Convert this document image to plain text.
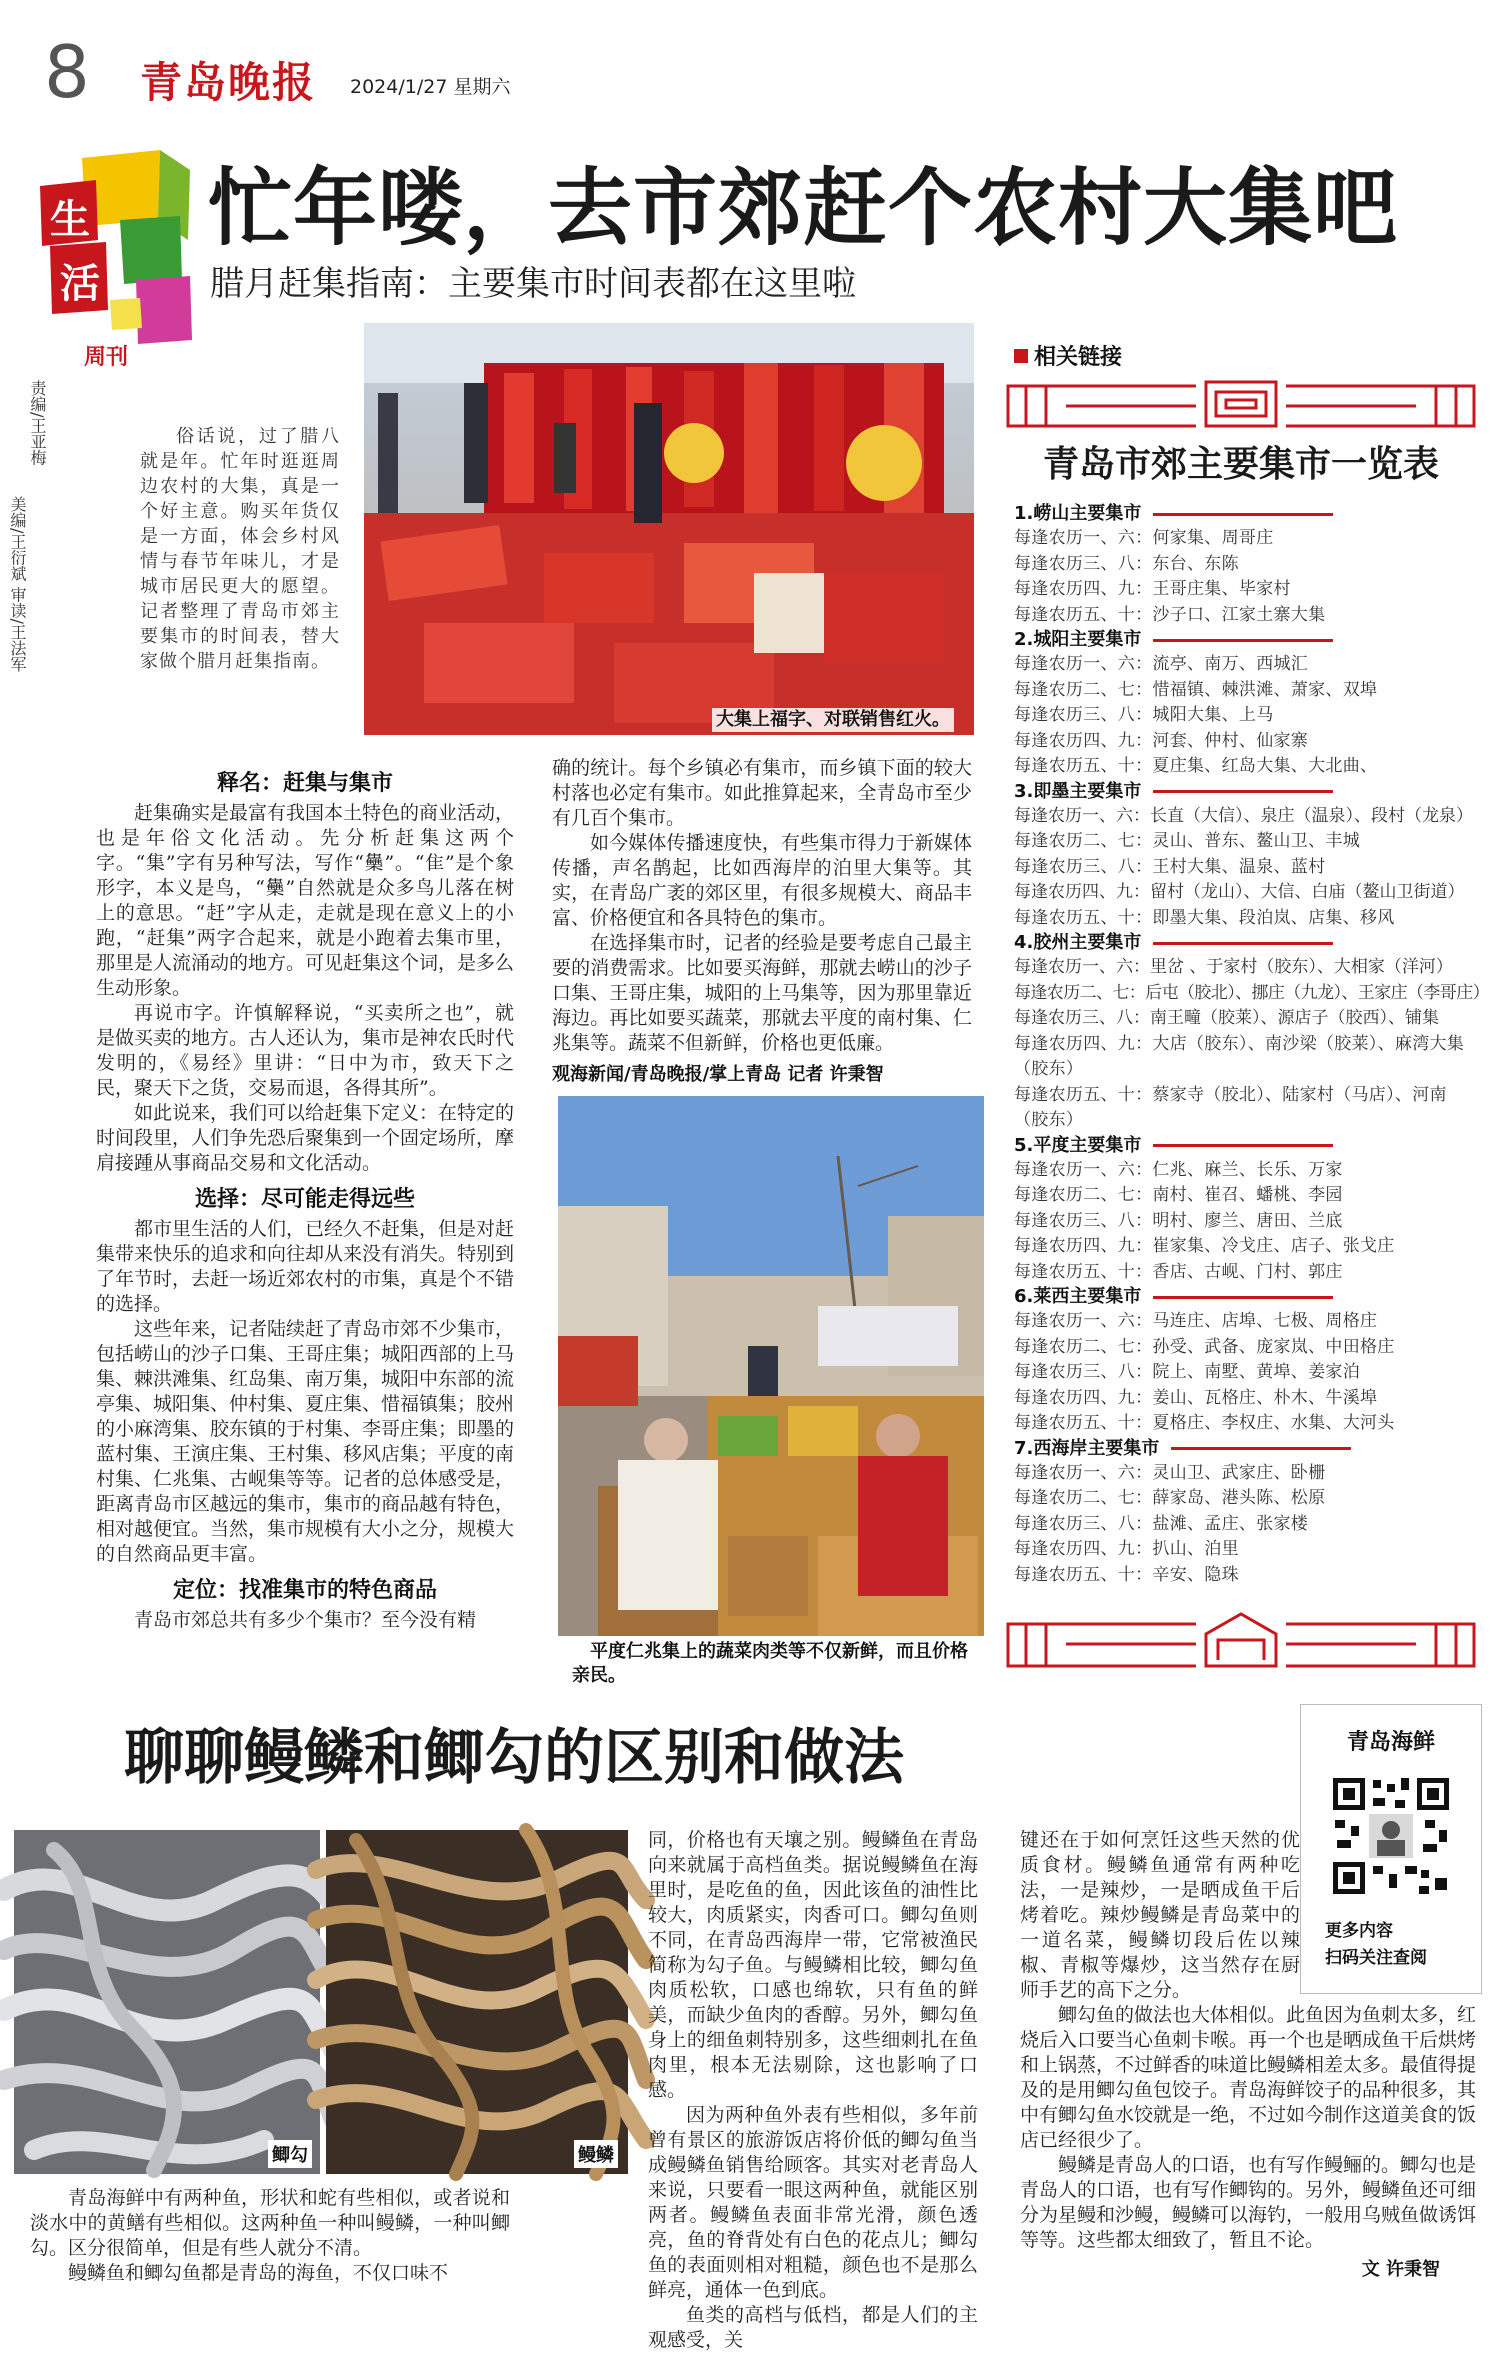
8 青岛晚报 2024/1/27 星期六
生
活
周刊
责编/王亚梅
美编/王衍斌 审读/王法军
忙年喽，去市郊赶个农村大集吧
腊月赶集指南：主要集市时间表都在这里啦
大集上福字、对联销售红火。

俗话说，过了腊八就是年。忙年时逛逛周边农村的大集，真是一个好主意。购买年货仅是一方面，体会乡村风情与春节年味儿，才是城市居民更大的愿望。记者整理了青岛市郊主要集市的时间表，替大家做个腊月赶集指南。

释名：赶集与集市

赶集确实是最富有我国本土特色的商业活动，也是年俗文化活动。先分析赶集这两个字。“集”字有另种写法，写作“雧”。“隹”是个象形字，本义是鸟，“雧”自然就是众多鸟儿落在树上的意思。“赶”字从走，走就是现在意义上的小跑，“赶集”两字合起来，就是小跑着去集市里，那里是人流涌动的地方。可见赶集这个词，是多么生动形象。

再说市字。许慎解释说，“买卖所之也”，就是做买卖的地方。古人还认为，集市是神农氏时代发明的，《易经》里讲：“日中为市，致天下之民，聚天下之货，交易而退，各得其所”。

如此说来，我们可以给赶集下定义：在特定的时间段里，人们争先恐后聚集到一个固定场所，摩肩接踵从事商品交易和文化活动。

选择：尽可能走得远些

都市里生活的人们，已经久不赶集，但是对赶集带来快乐的追求和向往却从来没有消失。特别到了年节时，去赶一场近郊农村的市集，真是个不错的选择。

这些年来，记者陆续赶了青岛市郊不少集市，包括崂山的沙子口集、王哥庄集；城阳西部的上马集、棘洪滩集、红岛集、南万集，城阳中东部的流亭集、城阳集、仲村集、夏庄集、惜福镇集；胶州的小麻湾集、胶东镇的于村集、李哥庄集；即墨的蓝村集、王演庄集、王村集、移风店集；平度的南村集、仁兆集、古岘集等等。记者的总体感受是，距离青岛市区越远的集市，集市的商品越有特色，相对越便宜。当然，集市规模有大小之分，规模大的自然商品更丰富。

定位：找准集市的特色商品

青岛市郊总共有多少个集市？至今没有精

确的统计。每个乡镇必有集市，而乡镇下面的较大村落也必定有集市。如此推算起来，全青岛市至少有几百个集市。

如今媒体传播速度快，有些集市得力于新媒体传播，声名鹊起，比如西海岸的泊里大集等。其实，在青岛广袤的郊区里，有很多规模大、商品丰富、价格便宜和各具特色的集市。

在选择集市时，记者的经验是要考虑自己最主要的消费需求。比如要买海鲜，那就去崂山的沙子口集、王哥庄集，城阳的上马集等，因为那里靠近海边。再比如要买蔬菜，那就去平度的南村集、仁兆集等。蔬菜不但新鲜，价格也更低廉。

观海新闻/青岛晚报/掌上青岛 记者 许秉智
平度仁兆集上的蔬菜肉类等不仅新鲜，而且价格亲民。
相关链接
青岛市郊主要集市一览表
1.崂山主要集市
每逢农历一、六：何家集、周哥庄
每逢农历三、八：东台、东陈
每逢农历四、九：王哥庄集、毕家村
每逢农历五、十：沙子口、江家土寨大集
2.城阳主要集市
每逢农历一、六：流亭、南万、西城汇
每逢农历二、七：惜福镇、棘洪滩、萧家、双埠
每逢农历三、八：城阳大集、上马
每逢农历四、九：河套、仲村、仙家寨
每逢农历五、十：夏庄集、红岛大集、大北曲、
3.即墨主要集市
每逢农历一、六：长直（大信）、泉庄（温泉）、段村（龙泉）
每逢农历二、七：灵山、普东、鳌山卫、丰城
每逢农历三、八：王村大集、温泉、蓝村
每逢农历四、九：留村（龙山）、大信、白庙（鳌山卫街道）
每逢农历五、十：即墨大集、段泊岚、店集、移风
4.胶州主要集市
每逢农历一、六：里岔 、于家村（胶东）、大相家（洋河）
每逢农历二、七：后屯（胶北）、挪庄（九龙）、王家庄（李哥庄）
每逢农历三、八：南王疃（胶莱）、源店子（胶西）、铺集
每逢农历四、九：大店（胶东）、南沙梁（胶莱）、麻湾大集（胶东）
每逢农历五、十：蔡家寺（胶北）、陆家村（马店）、河南（胶东）
5.平度主要集市
每逢农历一、六：仁兆、麻兰、长乐、万家
每逢农历二、七：南村、崔召、蟠桃、李园
每逢农历三、八：明村、廖兰、唐田、兰底
每逢农历四、九：崔家集、冷戈庄、店子、张戈庄
每逢农历五、十：香店、古岘、门村、郭庄
6.莱西主要集市
每逢农历一、六：马连庄、店埠、七极、周格庄
每逢农历二、七：孙受、武备、庞家岚、中田格庄
每逢农历三、八：院上、南墅、黄埠、姜家泊
每逢农历四、九：姜山、瓦格庄、朴木、牛溪埠
每逢农历五、十：夏格庄、李权庄、水集、大河头
7.西海岸主要集市
每逢农历一、六：灵山卫、武家庄、卧栅
每逢农历二、七：薛家岛、港头陈、松原
每逢农历三、八：盐滩、孟庄、张家楼
每逢农历四、九：扒山、泊里
每逢农历五、十：辛安、隐珠
聊聊鳗鳞和鲫勾的区别和做法	青岛海鲜
更多内容
扫码关注查阅
鲫勾	鳗鳞

青岛海鲜中有两种鱼，形状和蛇有些相似，或者说和淡水中的黄鳝有些相似。这两种鱼一种叫鳗鳞，一种叫鲫勾。区分很简单，但是有些人就分不清。

鳗鳞鱼和鲫勾鱼都是青岛的海鱼，不仅口味不

同，价格也有天壤之别。鳗鳞鱼在青岛向来就属于高档鱼类。据说鳗鳞鱼在海里时，是吃鱼的鱼，因此该鱼的油性比较大，肉质紧实，肉香可口。鲫勾鱼则不同，在青岛西海岸一带，它常被渔民简称为勾子鱼。与鳗鳞相比较，鲫勾鱼肉质松软，口感也绵软，只有鱼的鲜美，而缺少鱼肉的香醇。另外，鲫勾鱼身上的细鱼刺特别多，这些细刺扎在鱼肉里，根本无法剔除，这也影响了口感。

因为两种鱼外表有些相似，多年前曾有景区的旅游饭店将价低的鲫勾鱼当成鳗鳞鱼销售给顾客。其实对老青岛人来说，只要看一眼这两种鱼，就能区别两者。鳗鳞鱼表面非常光滑，颜色透亮，鱼的脊背处有白色的花点儿；鲫勾鱼的表面则相对粗糙，颜色也不是那么鲜亮，通体一色到底。

鱼类的高档与低档，都是人们的主观感受，关

键还在于如何烹饪这些天然的优质食材。鳗鳞鱼通常有两种吃法，一是辣炒，一是晒成鱼干后烤着吃。辣炒鳗鳞是青岛菜中的一道名菜，鳗鳞切段后佐以辣椒、青椒等爆炒，这当然存在厨师手艺的高下之分。

鲫勾鱼的做法也大体相似。此鱼因为鱼刺太多，红烧后入口要当心鱼刺卡喉。再一个也是晒成鱼干后烘烤和上锅蒸，不过鲜香的味道比鳗鳞相差太多。最值得提及的是用鲫勾鱼包饺子。青岛海鲜饺子的品种很多，其中有鲫勾鱼水饺就是一绝，不过如今制作这道美食的饭店已经很少了。

鳗鳞是青岛人的口语，也有写作鳗鲡的。鲫勾也是青岛人的口语，也有写作鲫钩的。另外，鳗鳞鱼还可细分为星鳗和沙鳗，鳗鳞可以海钓，一般用乌贼鱼做诱饵等等。这些都太细致了，暂且不论。

文 许秉智
